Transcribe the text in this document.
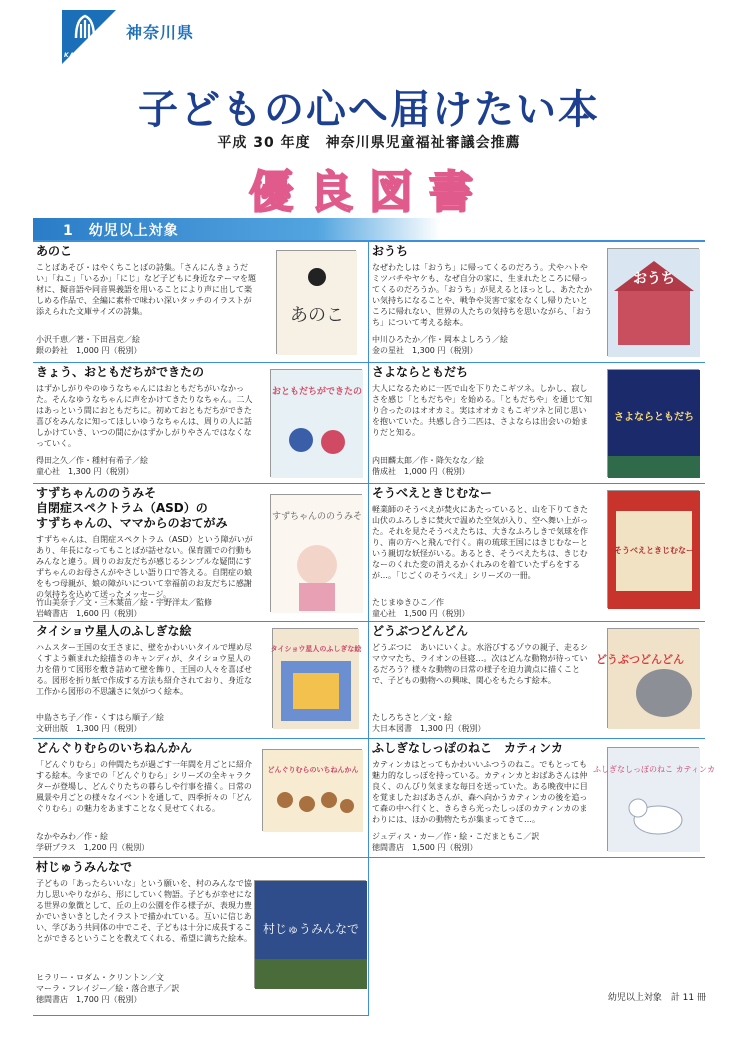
KANAGAWA
神奈川県
子どもの心へ届けたい本
平成 30 年度　神奈川県児童福祉審議会推薦
優良図書
1　幼児以上対象
あのこ
ことばあそび・はやくちことばの詩集。「さんにんきょうだい」「ねこ」「いるか」「にじ」など子どもに身近なテーマを題材に、擬音語や同音異義語を用いることにより声に出して楽しめる作品で、全編に素朴で味わい深いタッチのイラストが添えられた文庫サイズの詩集。
小沢千恵／著・下田昌克／絵
銀の鈴社　1,000 円（税別）
あのこ
おうち
なぜわたしは「おうち」に帰ってくるのだろう。犬やハトやミツバチやヤケも、なぜ自分の家に、生まれたところに帰ってくるのだろうか。「おうち」が見えるとほっとし、あたたかい気持ちになることや、戦争や災害で家をなくし帰りたいところに帰れない、世界の人たちの気持ちを思いながら、「おうち」について考える絵本。
中川ひろたか／作・岡本よしろう／絵
金の星社　1,300 円（税別）
おうち
きょう、おともだちができたの
はずかしがりやのゆうなちゃんにはおともだちがいなかった。そんなゆうなちゃんに声をかけてきたりなちゃん。二人はあっという間におともだちに。初めておともだちができた喜びをみんなに知ってほしいゆうなちゃんは、周りの人に話しかけていき、いつの間にかはずかしがりやさんではなくなっていく。
得田之久／作・種村有希子／絵
童心社　1,300 円（税別）
おともだちができたの
さよならともだち
大人になるために一匹で山を下りたこギツネ。しかし、寂しさを感じ「ともだちや」を始める。「ともだちや」を通じて知り合ったのはオオカミ。実はオオカミもこギツネと同じ思いを抱いていた。共感し合う二匹は、さよならは出会いの始まりだと知る。
内田麟太郎／作・降矢なな／絵
偕成社　1,000 円（税別）
さよならともだち
すずちゃんののうみそ
自閉症スペクトラム（ASD）の
すずちゃんの、ママからのおてがみ
すずちゃんは、自閉症スペクトラム（ASD）という障がいがあり、年長になってもことばが話せない。保育園での行動もみんなと違う。周りのお友だちが感じるシンプルな疑問にすずちゃんのお母さんがやさしい語り口で答える。自閉症の娘をもつ母親が、娘の障がいについて幸福前のお友だちに感謝の気持ちを込めて送ったメッセージ。
竹山美奈子／文・三木葉苗／絵・宇野洋太／監修
岩崎書店　1,600 円（税別）
すずちゃんののうみそ
そうべえときじむなー
軽業師のそうべえが焚火にあたっていると、山を下りてきた山伏のふろしきに焚火で温めた空気が入り、空へ舞い上がった。それを見たそうべえたちは、大きなふろしきで気球を作り、南の方へと飛んで行く。南の琉球王国にはきじむなーという親切な妖怪がいる。あるとき、そうべえたちは、きじむなーのくれた変の消えるかくれみのを着ていたずらをするが…。「じごくのそうべえ」シリーズの一冊。
たじまゆきひこ／作
童心社　1,500 円（税別）
そうべえときじむなー
タイショウ星人のふしぎな絵
ハムスター王国の女王さまに、壁をかわいいタイルで埋め尽くすよう頼まれた絵描きのキャンディが、タイショウ星人の力を借りて図形を敷き詰めて壁を飾り、王国の人々を喜ばせる。図形を折り紙で作成する方法も紹介されており、身近な工作から図形の不思議さに気がつく絵本。
中島さち子／作・くすはら順子／絵
文研出版　1,300 円（税別）
タイショウ星人のふしぎな絵
どうぶつどんどん
どうぶつに　あいにいくよ。水浴びするゾウの親子、走るシマウマたち、ライオンの昼寝…。次はどんな動物が待っているだろう？様々な動物の日常の様子を迫力満点に描くことで、子どもの動物への興味、関心をもたらす絵本。
たしろちさと／文・絵
大日本図書　1,300 円（税別）
どうぶつどんどん
どんぐりむらのいちねんかん
「どんぐりむら」の仲間たちが過ごす一年間を月ごとに紹介する絵本。今までの「どんぐりむら」シリーズの全キャラクターが登場し、どんぐりたちの暮らしや行事を描く。日常の風景や月ごとの様々なイベントを通して、四季折々の「どんぐりむら」の魅力をあますことなく見せてくれる。
なかやみわ／作・絵
学研プラス　1,200 円（税別）
どんぐりむらのいちねんかん
ふしぎなしっぽのねこ　カティンカ
カティンカはとってもかわいいふつうのねこ。でもとっても魅力的なしっぽを持っている。カティンカとおばあさんは仲良く、のんびり気ままな毎日を送っていた。ある晩夜中に目を覚ましたおばあさんが、森へ向かうカティンカの後を追って森の中へ行くと、きらきら光ったしっぽのカティンカのまわりには、ほかの動物たちが集まってきて…。
ジュディス・カー／作・絵・こだまともこ／訳
徳間書店　1,500 円（税別）
ふしぎなしっぽのねこ カティンカ
村じゅうみんなで
子どもの「あったらいいな」という願いを、村のみんなで協力し思いやりながら、形にしていく物語。子どもが幸せになる世界の象徴として、丘の上の公園を作る様子が、表現力豊かでいきいきとしたイラストで描かれている。互いに信じあい、学びあう共同体の中でこそ、子どもは十分に成長することができるということを教えてくれる、希望に満ちた絵本。
ヒラリー・ロダム・クリントン／文
マーラ・フレイジー／絵・落合恵子／訳
徳間書店　1,700 円（税別）
村じゅうみんなで
幼児以上対象　計 11 冊
